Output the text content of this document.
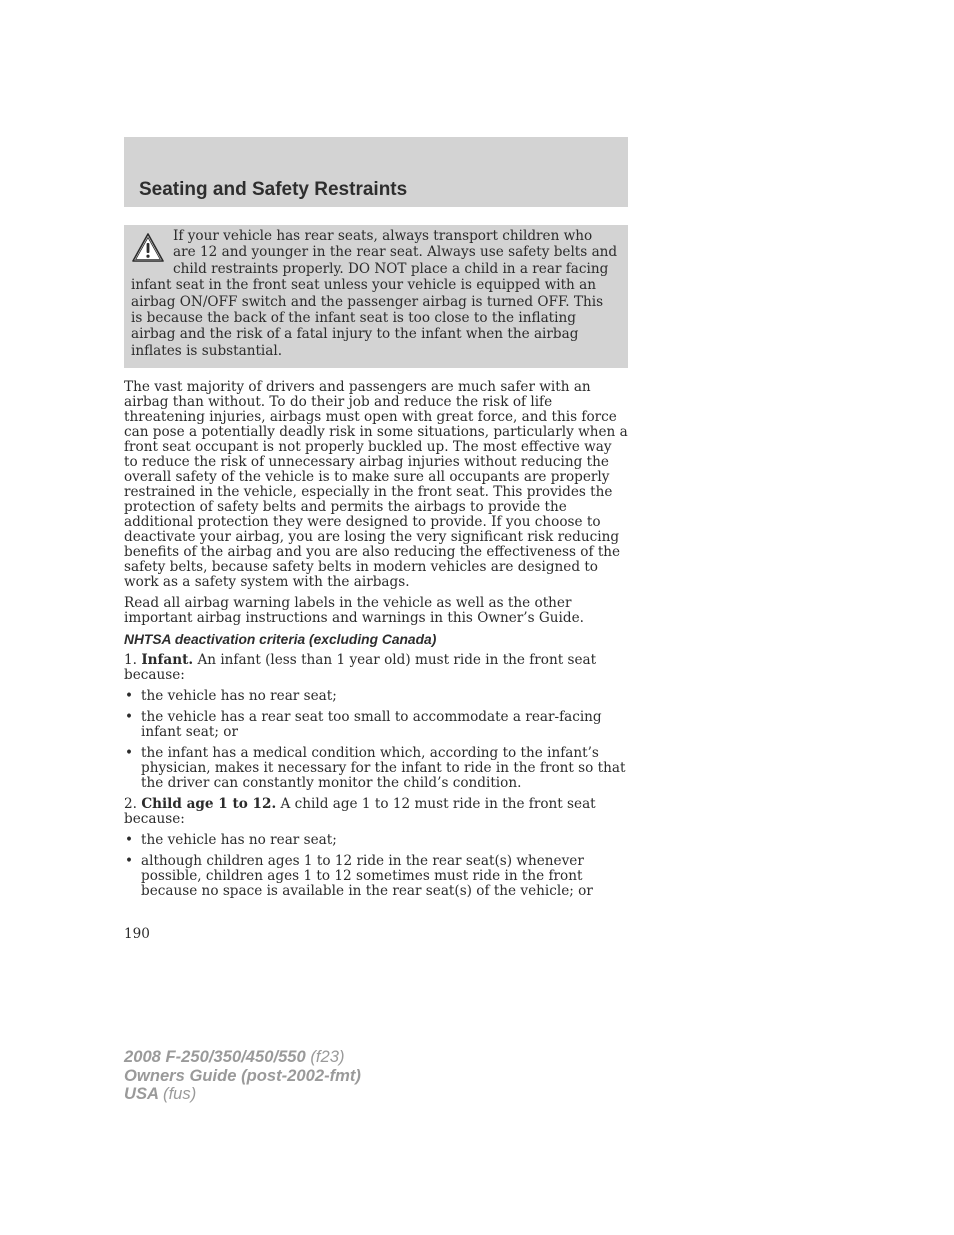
Seating and Safety Restraints

If your vehicle has rear seats, always transport children who are 12 and younger in the rear seat. Always use safety belts and child restraints properly. DO NOT place a child in a rear facing infant seat in the front seat unless your vehicle is equipped with an airbag ON/OFF switch and the passenger airbag is turned OFF. This is because the back of the infant seat is too close to the inflating airbag and the risk of a fatal injury to the infant when the airbag inflates is substantial.

The vast majority of drivers and passengers are much safer with an airbag than without. To do their job and reduce the risk of life threatening injuries, airbags must open with great force, and this force can pose a potentially deadly risk in some situations, particularly when a front seat occupant is not properly buckled up. The most effective way to reduce the risk of unnecessary airbag injuries without reducing the overall safety of the vehicle is to make sure all occupants are properly restrained in the vehicle, especially in the front seat. This provides the protection of safety belts and permits the airbags to provide the additional protection they were designed to provide. If you choose to deactivate your airbag, you are losing the very significant risk reducing benefits of the airbag and you are also reducing the effectiveness of the safety belts, because safety belts in modern vehicles are designed to work as a safety system with the airbags.

Read all airbag warning labels in the vehicle as well as the other important airbag instructions and warnings in this Owner’s Guide.

NHTSA deactivation criteria (excluding Canada)

1. Infant. An infant (less than 1 year old) must ride in the front seat because:

• the vehicle has no rear seat;
• the vehicle has a rear seat too small to accommodate a rear-facing infant seat; or
• the infant has a medical condition which, according to the infant’s physician, makes it necessary for the infant to ride in the front so that the driver can constantly monitor the child’s condition.

2. Child age 1 to 12. A child age 1 to 12 must ride in the front seat because:

• the vehicle has no rear seat;
• although children ages 1 to 12 ride in the rear seat(s) whenever possible, children ages 1 to 12 sometimes must ride in the front because no space is available in the rear seat(s) of the vehicle; or
190
2008 F-250/350/450/550 (f23)
Owners Guide (post-2002-fmt)
USA (fus)
